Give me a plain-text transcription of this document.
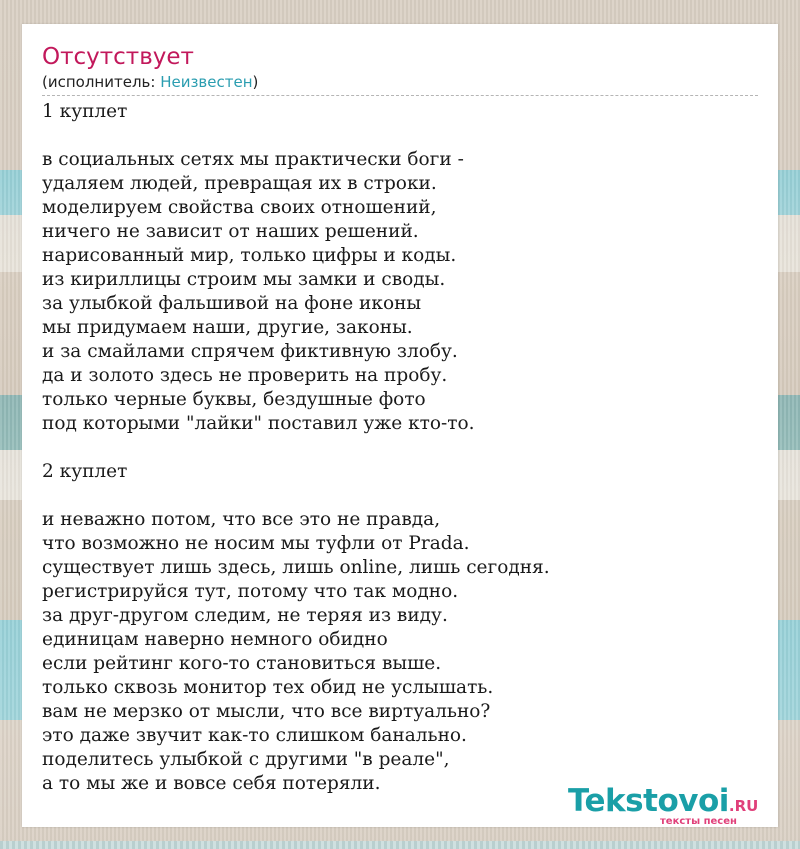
Отсутствует
(исполнитель: Неизвестен)
1 куплет
в социальных сетях мы практически боги -
удаляем людей, превращая их в строки.
моделируем свойства своих отношений,
ничего не зависит от наших решений.
нарисованный мир, только цифры и коды.
из кириллицы строим мы замки и своды.
за улыбкой фальшивой на фоне иконы
мы придумаем наши, другие, законы.
и за смайлами спрячем фиктивную злобу.
да и золото здесь не проверить на пробу.
только черные буквы, бездушные фото
под которыми "лайки" поставил уже кто-то.
2 куплет
и неважно потом, что все это не правда,
что возможно не носим мы туфли от Prada.
существует лишь здесь, лишь online, лишь сегодня.
регистрируйся тут, потому что так модно.
за друг-другом следим, не теряя из виду.
единицам наверно немного обидно
если рейтинг кого-то становиться выше.
только сквозь монитор тех обид не услышать.
вам не мерзко от мысли, что все виртуально?
это даже звучит как-то слишком банально.
поделитесь улыбкой с другими "в реале",
а то мы же и вовсе себя потеряли.	Tekstovoi.RU
тексты песен
